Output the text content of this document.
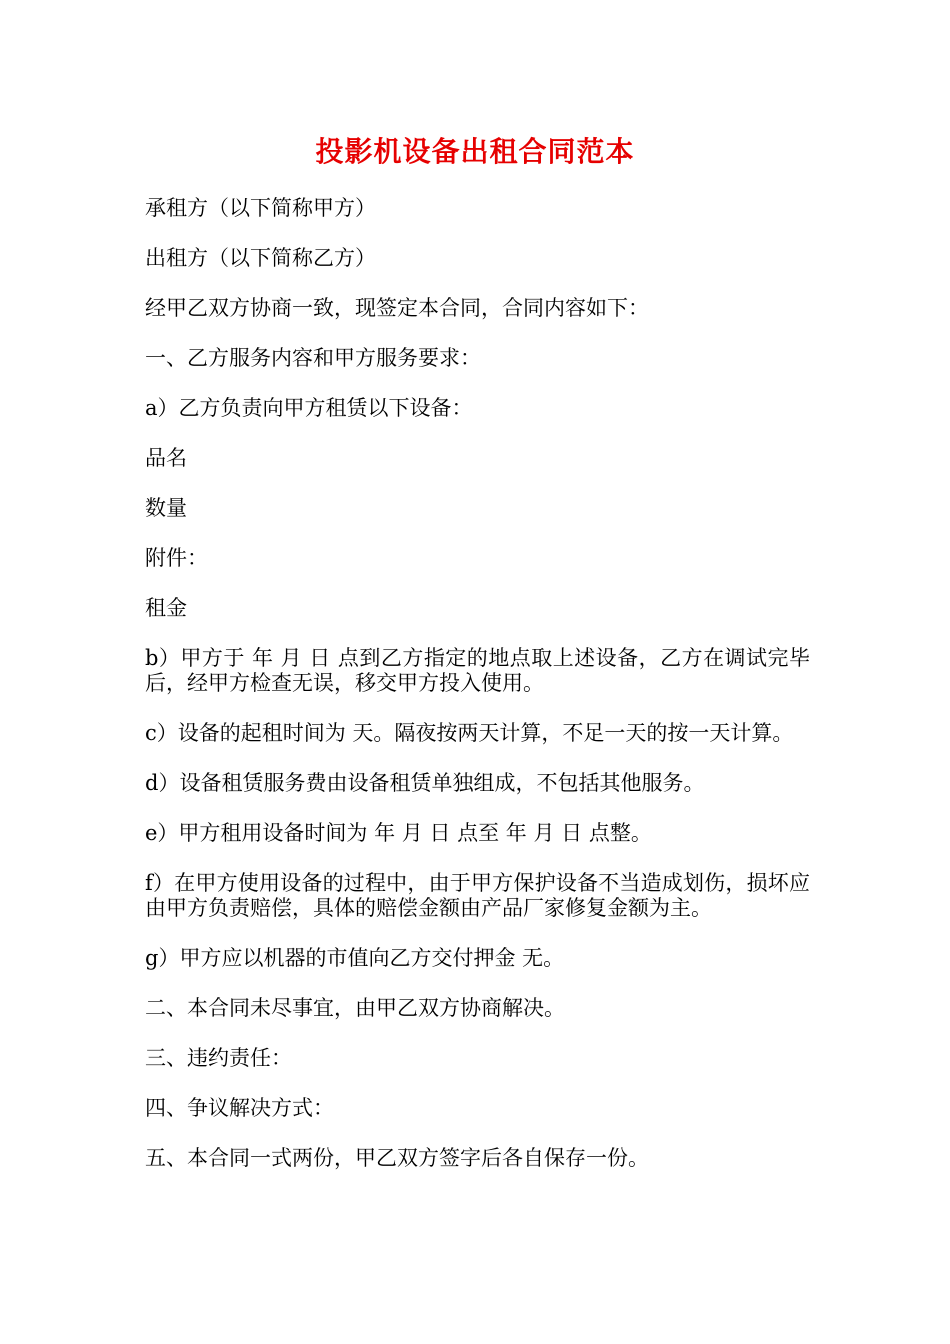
投影机设备出租合同范本

承租方（以下简称甲方）

出租方（以下简称乙方）

经甲乙双方协商一致，现签定本合同，合同内容如下：

一、乙方服务内容和甲方服务要求：

a）乙方负责向甲方租赁以下设备：

品名

数量

附件：

租金

b）甲方于 年 月 日 点到乙方指定的地点取上述设备，乙方在调试完毕后，经甲方检查无误，移交甲方投入使用。

c）设备的起租时间为 天。隔夜按两天计算，不足一天的按一天计算。

d）设备租赁服务费由设备租赁单独组成，不包括其他服务。

e）甲方租用设备时间为 年 月 日 点至 年 月 日 点整。

f）在甲方使用设备的过程中，由于甲方保护设备不当造成划伤，损坏应由甲方负责赔偿，具体的赔偿金额由产品厂家修复金额为主。

g）甲方应以机器的市值向乙方交付押金 无。

二、本合同未尽事宜，由甲乙双方协商解决。

三、违约责任：

四、争议解决方式：

五、本合同一式两份，甲乙双方签字后各自保存一份。
